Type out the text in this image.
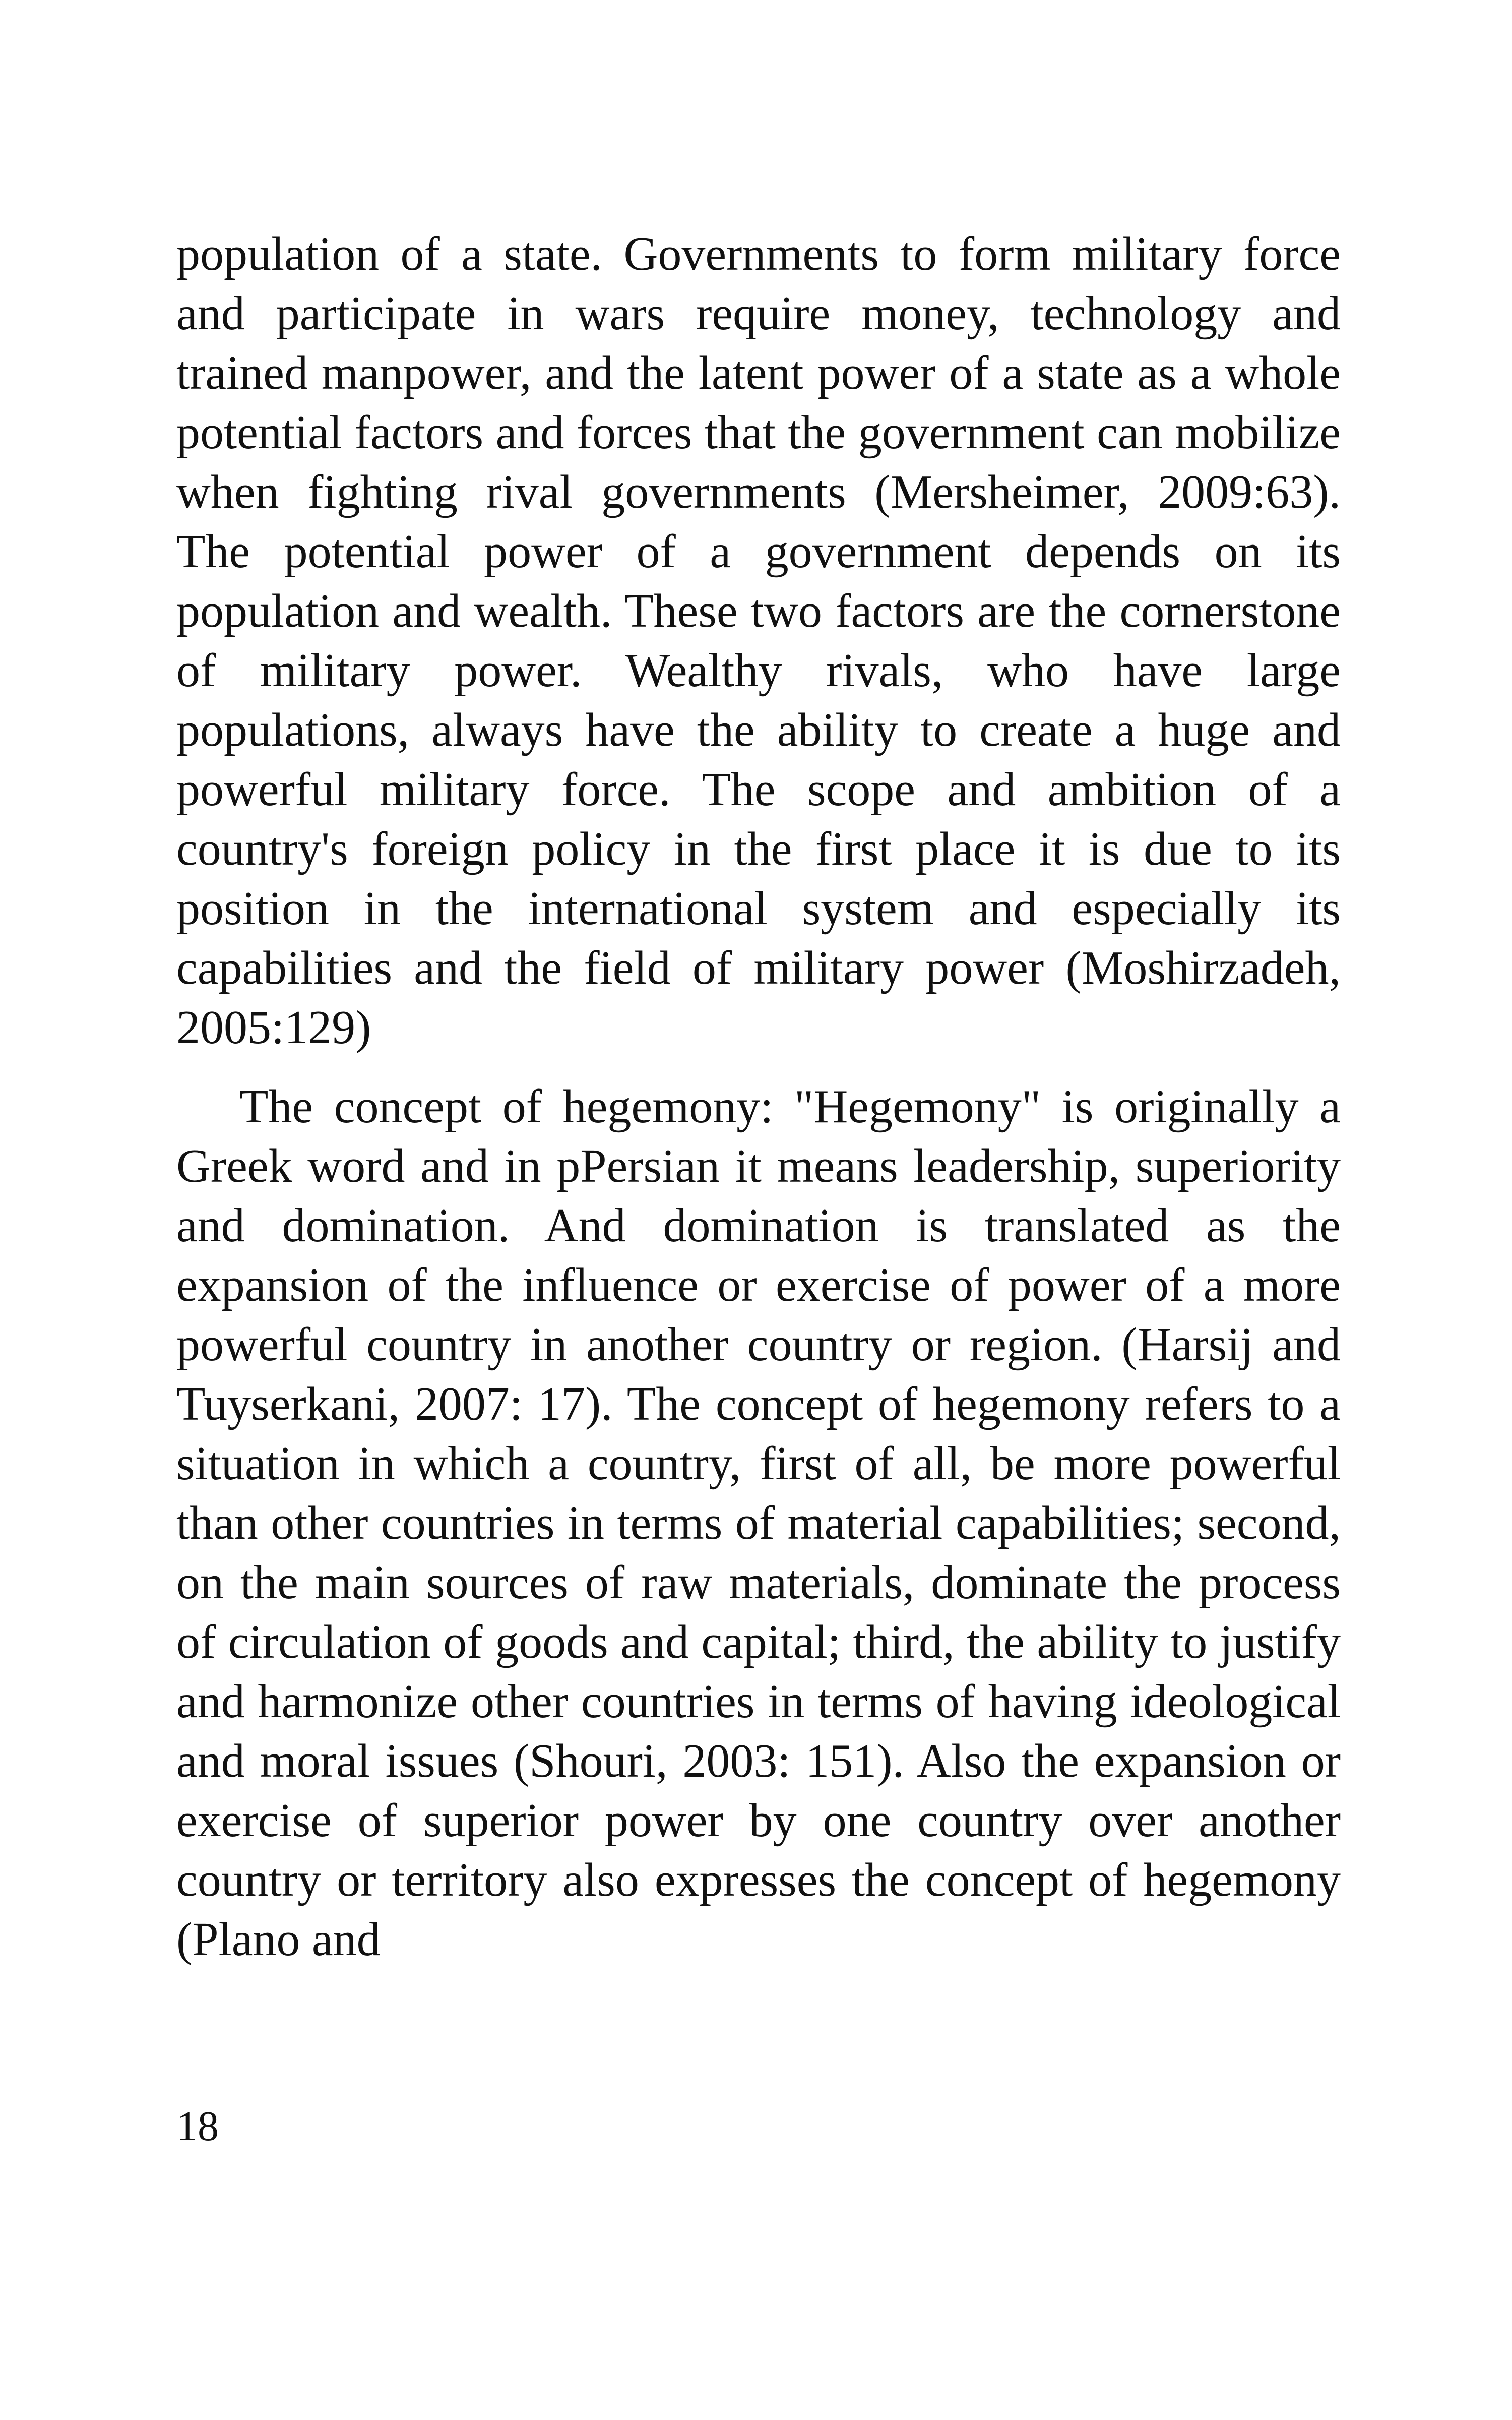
population of a state. Governments to form military force and participate in wars require money, technology and trained manpower, and the latent power of a state as a whole potential factors and forces that the government can mobilize when fighting rival governments (Mersheimer, 2009:63). The potential power of a government depends on its population and wealth. These two factors are the cornerstone of military power. Wealthy rivals, who have large populations, always have the ability to create a huge and powerful military force. The scope and ambition of a country's foreign policy in the first place it is due to its position in the international system and especially its capabilities and the field of military power (Moshirzadeh, 2005:129)

The concept of hegemony: "Hegemony" is originally a Greek word and in pPersian it means leadership, superiority and domination. And domination is translated as the expansion of the influence or exercise of power of a more powerful country in another country or region. (Harsij and Tuyserkani, 2007: 17). The concept of hegemony refers to a situation in which a country, first of all, be more powerful than other countries in terms of material capabilities; second, on the main sources of raw materials, dominate the process of circulation of goods and capital; third, the ability to justify and harmonize other countries in terms of having ideological and moral issues (Shouri, 2003: 151). Also the expansion or exercise of superior power by one country over another country or territory also expresses the concept of hegemony (Plano and

18
